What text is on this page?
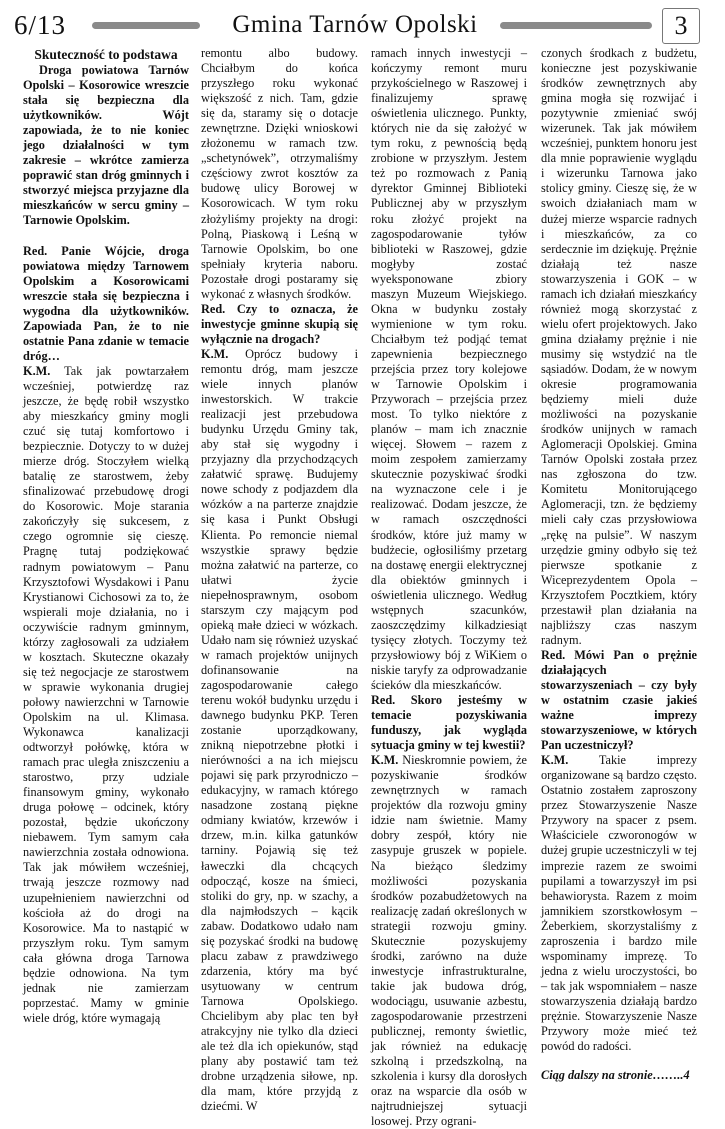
6/13	Gmina Tarnów Opolski	3

Skuteczność to podstawa

Droga powiatowa Tarnów Opolski – Kosorowice wreszcie stała się bezpieczna dla użytkowników. Wójt zapowiada, że to nie koniec jego działalności w tym zakresie – wkrótce zamierza poprawić stan dróg gminnych i stworzyć miejsca przyjazne dla mieszkańców w sercu gminy – Tarnowie Opolskim.

Red. Panie Wójcie, droga powiatowa między Tarnowem Opolskim a Kosorowicami wreszcie stała się bezpieczna i wygodna dla użytkowników. Zapowiada Pan, że to nie ostatnie Pana zdanie w temacie dróg…

K.M. Tak jak powtarzałem wcześniej, potwierdzę raz jeszcze, że będę robił wszystko aby mieszkańcy gminy mogli czuć się tutaj komfortowo i bezpiecznie. Dotyczy to w dużej mierze dróg. Stoczyłem wielką batalię ze starostwem, żeby sfinalizować przebudowę drogi do Kosorowic. Moje starania zakończyły się sukcesem, z czego ogromnie się cieszę. Pragnę tutaj podziękować radnym powiatowym – Panu Krzysztofowi Wysdakowi i Panu Krystianowi Cichosowi za to, że wspierali moje działania, no i oczywiście radnym gminnym, którzy zagłosowali za udziałem w kosztach. Skuteczne okazały się też negocjacje ze starostwem w sprawie wykonania drugiej połowy nawierzchni w Tarnowie Opolskim na ul. Klimasa. Wykonawca kanalizacji odtworzył połówkę, która w ramach prac uległa zniszczeniu a starostwo, przy udziale finansowym gminy, wykonało druga połowę – odcinek, który pozostał, będzie ukończony niebawem. Tym samym cała nawierzchnia została odnowiona. Tak jak mówiłem wcześniej, trwają jeszcze rozmowy nad uzupełnieniem nawierzchni od kościoła aż do drogi na Kosorowice. Ma to nastąpić w przyszłym roku. Tym samym cała główna droga Tarnowa będzie odnowiona. Na tym jednak nie zamierzam poprzestać. Mamy w gminie wiele dróg, które wymagają

remontu albo budowy. Chciałbym do końca przyszłego roku wykonać większość z nich. Tam, gdzie się da, staramy się o dotacje zewnętrzne. Dzięki wnioskowi złożonemu w ramach tzw. „schetynówek”, otrzymaliśmy częściowy zwrot kosztów za budowę ulicy Borowej w Kosorowicach. W tym roku złożyliśmy projekty na drogi: Polną, Piaskową i Leśną w Tarnowie Opolskim, bo one spełniały kryteria naboru. Pozostałe drogi postaramy się wykonać z własnych środków.

Red. Czy to oznacza, że inwestycje gminne skupią się wyłącznie na drogach?

K.M. Oprócz budowy i remontu dróg, mam jeszcze wiele innych planów inwestorskich. W trakcie realizacji jest przebudowa budynku Urzędu Gminy tak, aby stał się wygodny i przyjazny dla przychodzących załatwić sprawę. Budujemy nowe schody z podjazdem dla wózków a na parterze znajdzie się kasa i Punkt Obsługi Klienta. Po remoncie niemal wszystkie sprawy będzie można załatwić na parterze, co ułatwi życie niepełnosprawnym, osobom starszym czy mającym pod opieką małe dzieci w wózkach. Udało nam się również uzyskać w ramach projektów unijnych dofinansowanie na zagospodarowanie całego terenu wokół budynku urzędu i dawnego budynku PKP. Teren zostanie uporządkowany, znikną niepotrzebne płotki i nierówności a na ich miejscu pojawi się park przyrodniczo – edukacyjny, w ramach którego nasadzone zostaną piękne odmiany kwiatów, krzewów i drzew, m.in. kilka gatunków tarniny. Pojawią się też ławeczki dla chcących odpocząć, kosze na śmieci, stoliki do gry, np. w szachy, a dla najmłodszych – kącik zabaw. Dodatkowo udało nam się pozyskać środki na budowę placu zabaw z prawdziwego zdarzenia, który ma być usytuowany w centrum Tarnowa Opolskiego. Chcielibym aby plac ten był atrakcyjny nie tylko dla dzieci ale też dla ich opiekunów, stąd plany aby postawić tam też drobne urządzenia siłowe, np. dla mam, które przyjdą z dziećmi. W

ramach innych inwestycji – kończymy remont muru przykościelnego w Raszowej i finalizujemy sprawę oświetlenia ulicznego. Punkty, których nie da się założyć w tym roku, z pewnością będą zrobione w przyszłym. Jestem też po rozmowach z Panią dyrektor Gminnej Biblioteki Publicznej aby w przyszłym roku złożyć projekt na zagospodarowanie tyłów biblioteki w Raszowej, gdzie mogłyby zostać wyeksponowane zbiory maszyn Muzeum Wiejskiego. Okna w budynku zostały wymienione w tym roku. Chciałbym też podjąć temat zapewnienia bezpiecznego przejścia przez tory kolejowe w Tarnowie Opolskim i Przyworach – przejścia przez most. To tylko niektóre z planów – mam ich znacznie więcej. Słowem – razem z moim zespołem zamierzamy skutecznie pozyskiwać środki na wyznaczone cele i je realizować. Dodam jeszcze, że w ramach oszczędności środków, które już mamy w budżecie, ogłosiliśmy przetarg na dostawę energii elektrycznej dla obiektów gminnych i oświetlenia ulicznego. Według wstępnych szacunków, zaoszczędzimy kilkadziesiąt tysięcy złotych. Toczymy też przysłowiowy bój z WiKiem o niskie taryfy za odprowadzanie ścieków dla mieszkańców.

Red. Skoro jesteśmy w temacie pozyskiwania funduszy, jak wygląda sytuacja gminy w tej kwestii?

K.M. Nieskromnie powiem, że pozyskiwanie środków zewnętrznych w ramach projektów dla rozwoju gminy idzie nam świetnie. Mamy dobry zespół, który nie zasypuje gruszek w popiele. Na bieżąco śledzimy możliwości pozyskania środków pozabudżetowych na realizację zadań określonych w strategii rozwoju gminy. Skutecznie pozyskujemy środki, zarówno na duże inwestycje infrastrukturalne, takie jak budowa dróg, wodociągu, usuwanie azbestu, zagospodarowanie przestrzeni publicznej, remonty świetlic, jak również na edukację szkolną i przedszkolną, na szkolenia i kursy dla dorosłych oraz na wsparcie dla osób w najtrudniejszej sytuacji losowej. Przy ograni-

czonych środkach z budżetu, konieczne jest pozyskiwanie środków zewnętrznych aby gmina mogła się rozwijać i pozytywnie zmieniać swój wizerunek. Tak jak mówiłem wcześniej, punktem honoru jest dla mnie poprawienie wyglądu i wizerunku Tarnowa jako stolicy gminy. Cieszę się, że w swoich działaniach mam w dużej mierze wsparcie radnych i mieszkańców, za co serdecznie im dziękuję. Prężnie działają też nasze stowarzyszenia i GOK – w ramach ich działań mieszkańcy również mogą skorzystać z wielu ofert projektowych. Jako gmina działamy prężnie i nie musimy się wstydzić na tle sąsiadów. Dodam, że w nowym okresie programowania będziemy mieli duże możliwości na pozyskanie środków unijnych w ramach Aglomeracji Opolskiej. Gmina Tarnów Opolski została przez nas zgłoszona do tzw. Komitetu Monitorującego Aglomeracji, tzn. że będziemy mieli cały czas przysłowiowa „rękę na pulsie”. W naszym urzędzie gminy odbyło się też pierwsze spotkanie z Wiceprezydentem Opola – Krzysztofem Pocztkiem, który przestawił plan działania na najbliższy czas naszym radnym.

Red. Mówi Pan o prężnie działających stowarzyszeniach – czy były w ostatnim czasie jakieś ważne imprezy stowarzyszeniowe, w których Pan uczestniczył?

K.M. Takie imprezy organizowane są bardzo często. Ostatnio zostałem zaproszony przez Stowarzyszenie Nasze Przywory na spacer z psem. Właściciele czworonogów w dużej grupie uczestniczyli w tej imprezie razem ze swoimi pupilami a towarzyszył im psi behawiorysta. Razem z moim jamnikiem szorstkowłosym – Żeberkiem, skorzystaliśmy z zaproszenia i bardzo mile wspominamy imprezę. To jedna z wielu uroczystości, bo – tak jak wspomniałem – nasze stowarzyszenia działają bardzo prężnie. Stowarzyszenie Nasze Przywory może mieć też powód do radości.

Ciąg dalszy na stronie……..4
